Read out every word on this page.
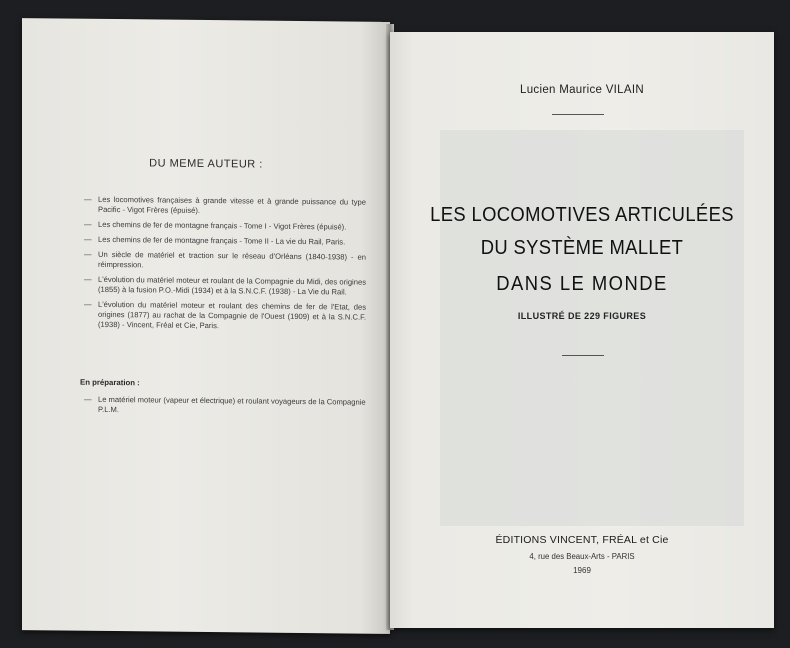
DU MEME AUTEUR :
— Les locomotives françaises à grande vitesse et à grande puissance du type Pacific - Vigot Frères (épuisé).
— Les chemins de fer de montagne français - Tome I - Vigot Frères (épuisé).
— Les chemins de fer de montagne français - Tome II - La vie du Rail, Paris.
— Un siècle de matériel et traction sur le réseau d'Orléans (1840-1938) - en réimpression.
— L'évolution du matériel moteur et roulant de la Compagnie du Midi, des origines (1855) à la fusion P.O.-Midi (1934) et à la S.N.C.F. (1938) - La Vie du Rail.
— L'évolution du matériel moteur et roulant des chemins de fer de l'Etat, des origines (1877) au rachat de la Compagnie de l'Ouest (1909) et à la S.N.C.F. (1938) - Vincent, Fréal et Cie, Paris.
En préparation :
— Le matériel moteur (vapeur et électrique) et roulant voyageurs de la Compagnie P.L.M.
Lucien Maurice VILAIN
LES LOCOMOTIVES ARTICULÉES
DU SYSTÈME MALLET
DANS LE MONDE
ILLUSTRÉ DE 229 FIGURES
ÉDITIONS VINCENT, FRÉAL et Cie
4, rue des Beaux-Arts - PARIS
1969
